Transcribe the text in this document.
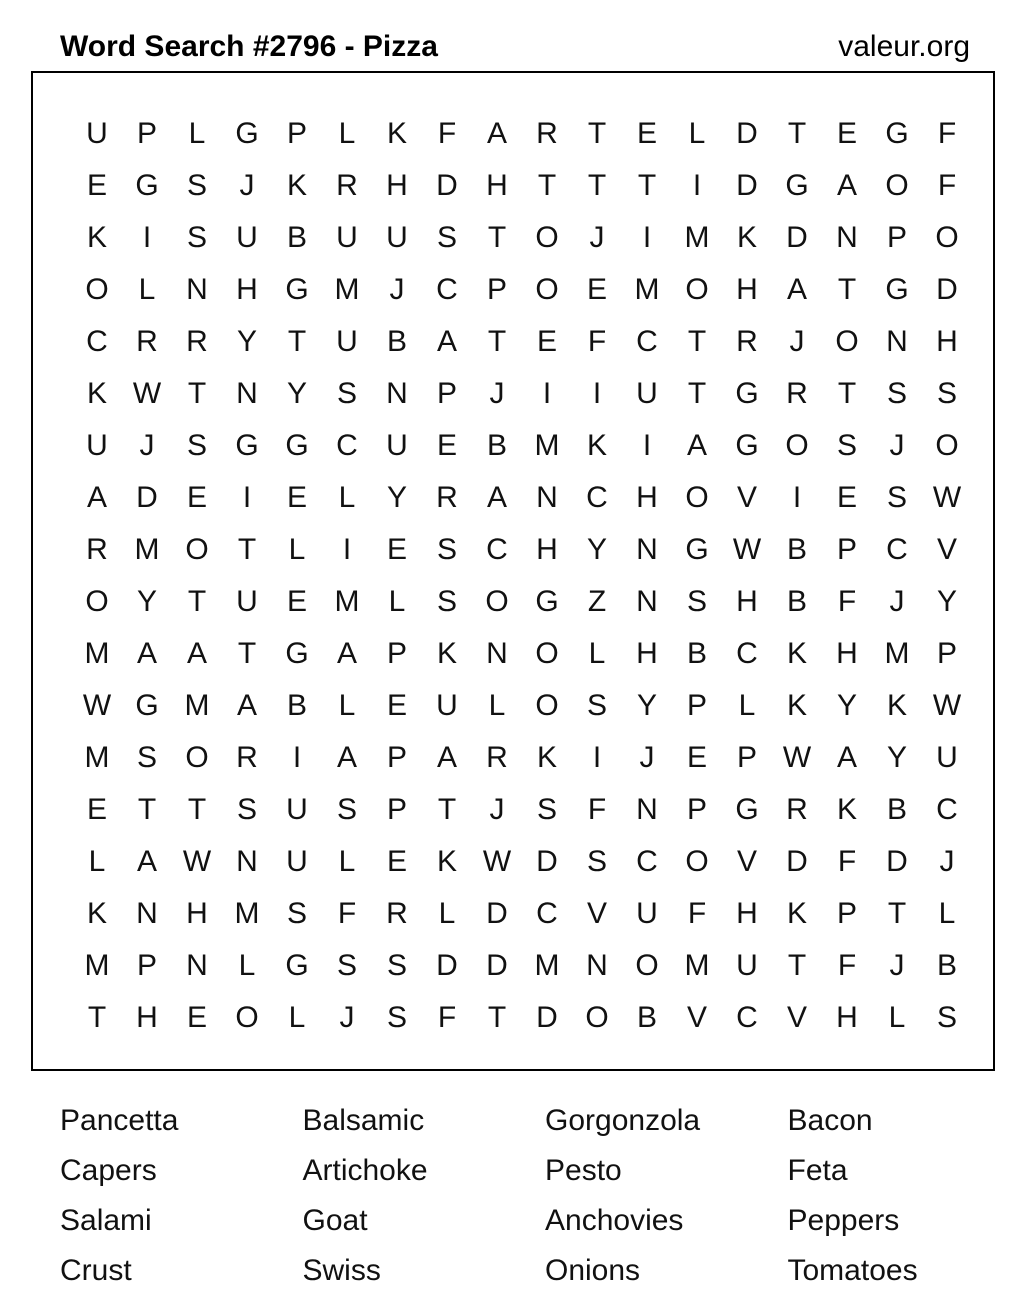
Word Search #2796 - Pizza	valeur.org
U P	L G P	L	K	F	A R	T	E	L	D	T	E G F
E G S	J	K R H D H	T	T	T	I	D G A O F
K	I	S U B U U S	T O	J	I	M K D N P O
O L	N H G M	J	C P O E M O H A	T G D
C R R Y	T	U B A	T	E	F	C	T	R	J	O N H
K W T	N Y S N P	J	I	I	U	T G R	T	S S
U	J	S G G C U E B M K	I	A G O S	J	O
A D E	I	E	L	Y R A N C H O V	I	E S W
R M O T	L	I	E S C H Y N G W B P C V
O Y	T	U E M L	S O G Z	N S H B	F	J	Y
M A A	T G A P K N O L	H B C K H M P
W G M A B	L	E U	L O S Y P	L	K Y K W
M S O R	I	A P A R K	I	J	E P W A Y U
E	T	T	S U S P	T	J	S	F	N P G R K B C
L	A W N U	L	E K W D S C O V D	F	D	J
K N H M S	F	R	L	D C V U	F	H K P	T	L
M P N	L G S S D D M N O M U	T	F	J	B
T	H E O L	J	S	F	T	D O B V C V H	L	S
Pancetta	Balsamic	Gorgonzola	Bacon
Capers	Artichoke	Pesto	Feta
Salami	Goat	Anchovies	Peppers
Crust	Swiss	Onions	Tomatoes
